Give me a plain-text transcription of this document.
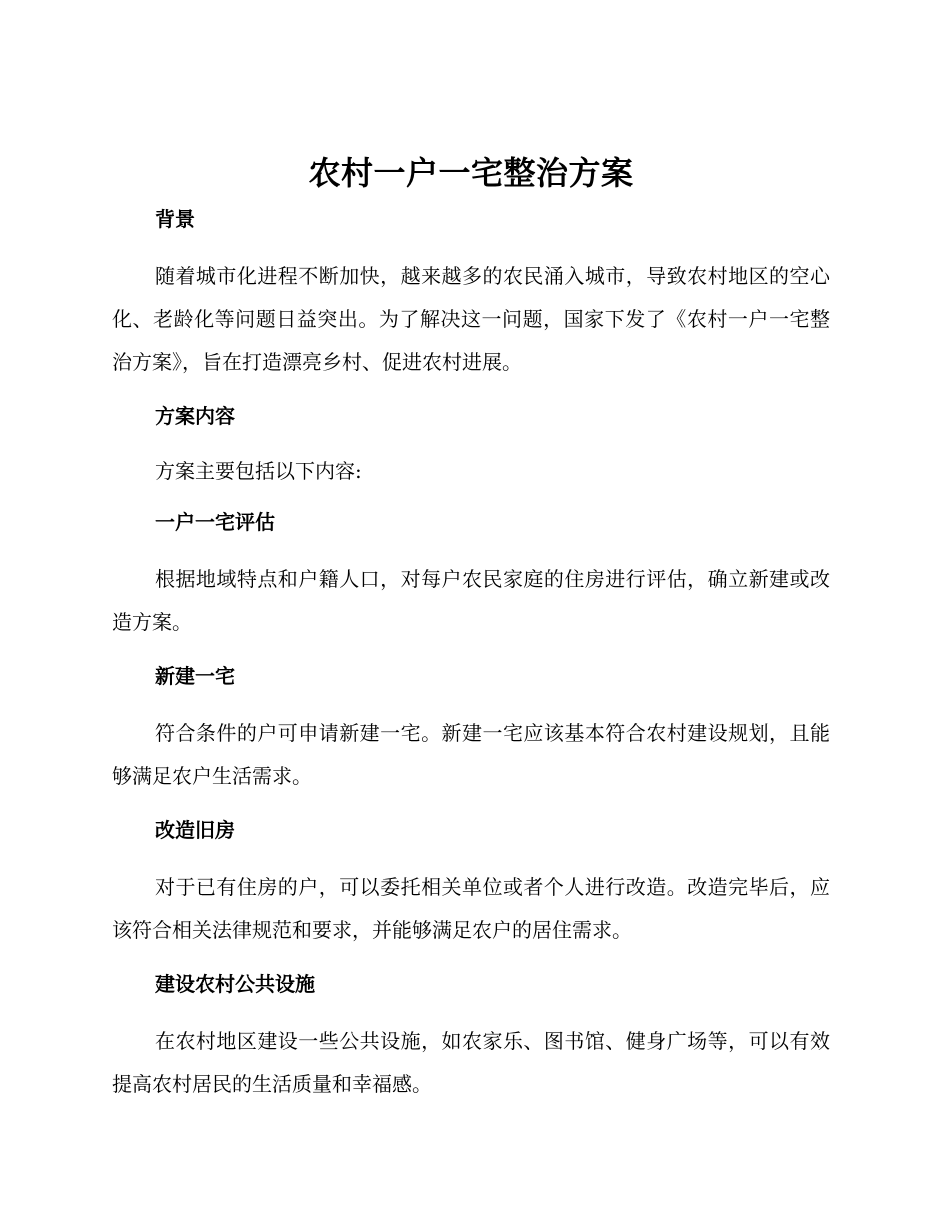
农村一户一宅整治方案
背景

随着城市化进程不断加快，越来越多的农民涌入城市，导致农村地区的空心化、老龄化等问题日益突出。为了解决这一问题，国家下发了《农村一户一宅整治方案》，旨在打造漂亮乡村、促进农村进展。

方案内容

方案主要包括以下内容:

一户一宅评估

根据地域特点和户籍人口，对每户农民家庭的住房进行评估，确立新建或改造方案。

新建一宅

符合条件的户可申请新建一宅。新建一宅应该基本符合农村建设规划，且能够满足农户生活需求。

改造旧房

对于已有住房的户，可以委托相关单位或者个人进行改造。改造完毕后，应该符合相关法律规范和要求，并能够满足农户的居住需求。

建设农村公共设施

在农村地区建设一些公共设施，如农家乐、图书馆、健身广场等，可以有效提高农村居民的生活质量和幸福感。
